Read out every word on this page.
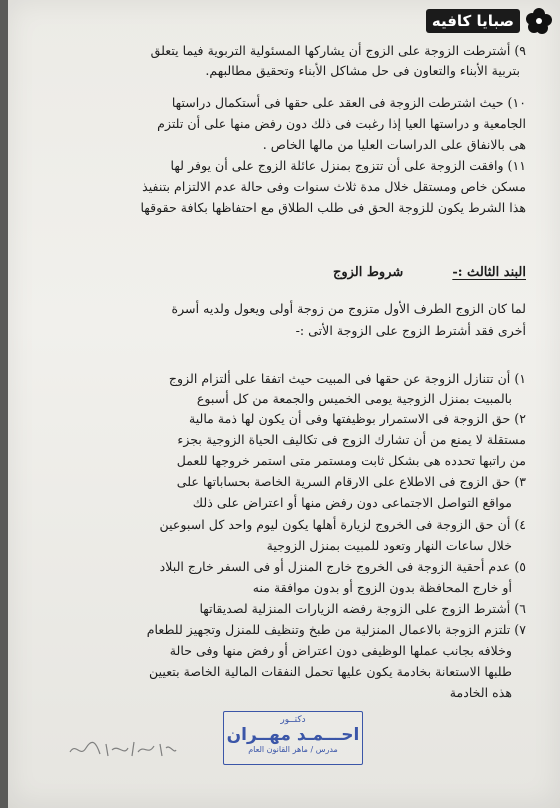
صبايا كافيه
٩) أشترطت الزوجة على الزوج أن يشاركها المسئولية التربوية فيما يتعلق
بتربية الأبناء والتعاون فى حل مشاكل الأبناء وتحقيق مطالبهم.
١٠) حيث اشترطت الزوجة فى العقد على حقها فى أستكمال دراستها
الجامعية و دراستها العيا إذا رغبت فى ذلك دون رفض منها على أن تلتزم
هى بالانفاق على الدراسات العليا من مالها الخاص .
١١) وافقت الزوجة على أن تتزوج بمنزل عائلة الزوج على أن يوفر لها
مسكن خاص ومستقل خلال مدة ثلاث سنوات وفى حالة عدم الالتزام بتنفيذ
هذا الشرط يكون للزوجة الحق فى طلب الطلاق مع احتفاظها بكافة حقوقها
البند الثالث :-  شروط الزوج
لما كان الزوج الطرف الأول متزوج من زوجة أولى ويعول ولديه أسرة
أخرى فقد أشترط الزوج على الزوجة الأتى :-
١) أن تتنازل الزوجة عن حقها فى المبيت حيث اتفقا على ألتزام الزوج
بالمبيت بمنزل الزوجية يومى الخميس والجمعة من كل أسبوع
٢) حق الزوجة فى الاستمرار بوظيفتها وفى أن يكون لها ذمة مالية
مستقلة لا يمنع من أن تشارك الزوج فى تكاليف الحياة الزوجية بجزء
من راتبها تحدده هى بشكل ثابت ومستمر متى استمر خروجها للعمل
٣) حق الزوج فى الاطلاع على الارقام السرية الخاصة بحساباتها على
مواقع التواصل الاجتماعى دون رفض منها أو اعتراض على ذلك
٤) أن حق الزوجة فى الخروج لزيارة أهلها يكون ليوم واحد كل اسبوعين
خلال ساعات النهار وتعود للمبيت بمنزل الزوجية
٥) عدم أحقية الزوجة فى الخروج خارج المنزل أو فى السفر خارج البلاد
أو خارج المحافظة بدون الزوج أو بدون موافقة منه
٦) أشترط الزوج على الزوجة رفضه الزيارات المنزلية لصديقاتها
٧) تلتزم الزوجة بالاعمال المنزلية من طبخ وتنظيف للمنزل وتجهيز للطعام
وخلافه بجانب عملها الوظيفى دون اعتراض أو رفض منها وفى حالة
طلبها الاستعانة بخادمة يكون عليها تحمل النفقات المالية الخاصة بتعيين
هذه الخادمة
دكتــور
احـــمـد مهــران
مدرس / ماهر القانون العام
